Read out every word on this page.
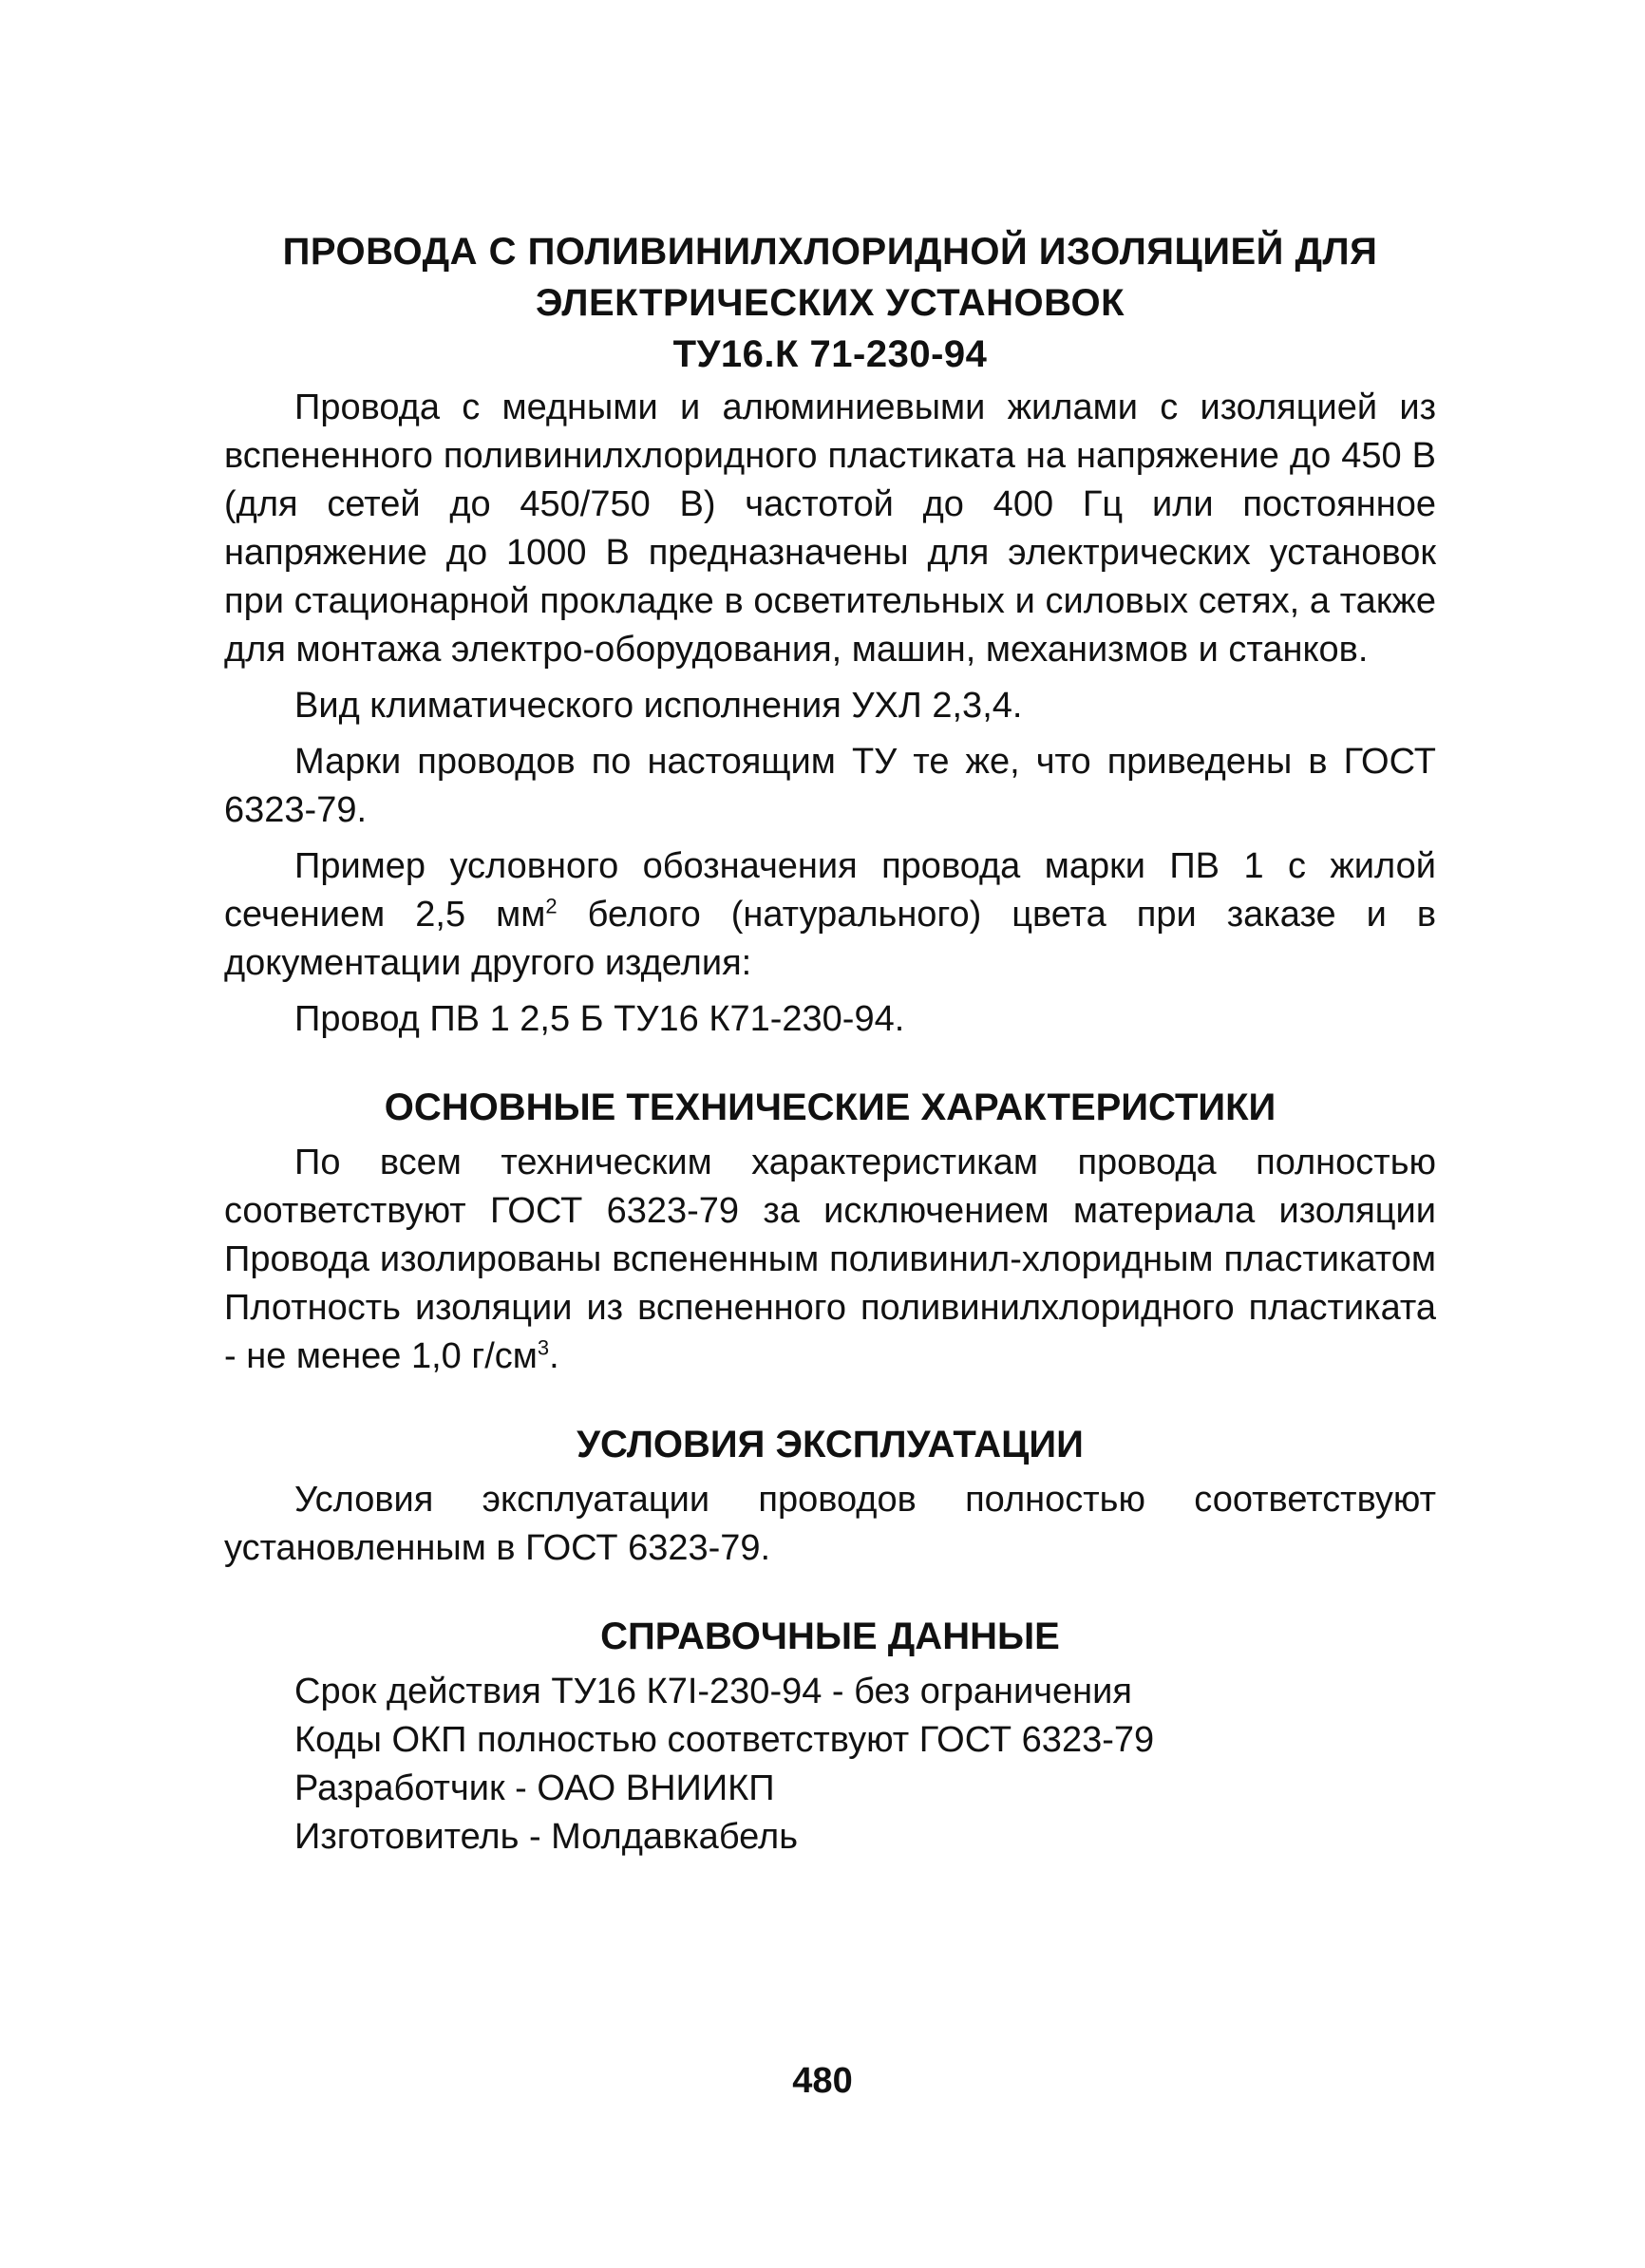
ПРОВОДА С ПОЛИВИНИЛХЛОРИДНОЙ ИЗОЛЯЦИЕЙ ДЛЯ
ЭЛЕКТРИЧЕСКИХ УСТАНОВОК
ТУ16.К 71-230-94

Провода с медными и алюминиевыми жилами с изоляцией из вспененного поливинилхлоридного пластиката на напряжение до 450 В (для сетей до 450/750 В) частотой до 400 Гц или постоянное напряжение до 1000 В предназначены для электрических установок при стационарной прокладке в осветительных и силовых сетях, а также для монтажа электро-оборудования, машин, механизмов и станков.

Вид климатического исполнения УХЛ 2,3,4.

Марки проводов по настоящим ТУ те же, что приведены в ГОСТ 6323-79.

Пример условного обозначения провода марки ПВ 1 с жилой сечением 2,5 $мм^2$ белого (натурального) цвета при заказе и в документации другого изделия:

Провод ПВ 1 2,5 Б ТУ16 К71-230-94.

ОСНОВНЫЕ ТЕХНИЧЕСКИЕ ХАРАКТЕРИСТИКИ

По всем техническим характеристикам провода полностью соответствуют ГОСТ 6323-79 за исключением материала изоляции Провода изолированы вспененным поливинил-хлоридным пластикатом Плотность изоляции из вспененного поливинилхлоридного пластиката - не менее 1,0 $г/см^3$.

УСЛОВИЯ ЭКСПЛУАТАЦИИ

Условия эксплуатации проводов полностью соответствуют установленным в ГОСТ 6323-79.

СПРАВОЧНЫЕ ДАННЫЕ
Срок действия ТУ16 К7І-230-94 - без ограничения
Коды ОКП полностью соответствуют ГОСТ 6323-79
Разработчик - ОАО ВНИИКП
Изготовитель - Молдавкабель
480
